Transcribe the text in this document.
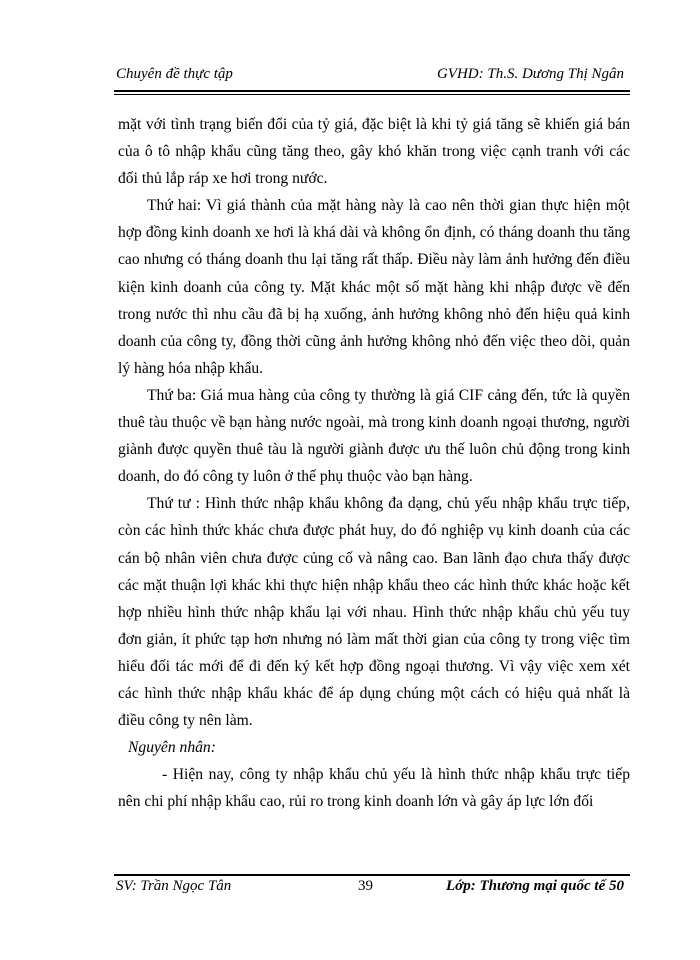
Chuyên đề thực tập	GVHD: Th.S. Dương Thị Ngân

mặt với tình trạng biến đổi của tỷ giá, đặc biệt là khi tỷ giá tăng sẽ khiến giá bán của ô tô nhập khẩu cũng tăng theo, gây khó khăn trong việc cạnh tranh với các đối thủ lắp ráp xe hơi trong nước.

Thứ hai: Vì giá thành của mặt hàng này là cao nên thời gian thực hiện một hợp đồng kinh doanh xe hơi là khá dài và không ổn định, có tháng doanh thu tăng cao nhưng có tháng doanh thu lại tăng rất thấp. Điều này làm ảnh hưởng đến điều kiện kinh doanh của công ty. Mặt khác một số mặt hàng khi nhập được về đến trong nước thì nhu cầu đã bị hạ xuống, ảnh hưởng không nhỏ đến hiệu quả kinh doanh của công ty, đồng thời cũng ảnh hưởng không nhỏ đến việc theo dõi, quản lý hàng hóa nhập khẩu.

Thứ ba: Giá mua hàng của công ty thường là giá CIF cảng đến, tức là quyền thuê tàu thuộc về bạn hàng nước ngoài, mà trong kinh doanh ngoại thương, người giành được quyền thuê tàu là người giành được ưu thế luôn chủ động trong kinh doanh, do đó công ty luôn ở thế phụ thuộc vào bạn hàng.

Thứ tư : Hình thức nhập khẩu không đa dạng, chủ yếu nhập khẩu trực tiếp, còn các hình thức khác chưa được phát huy, do đó nghiệp vụ kinh doanh của các cán bộ nhân viên chưa được củng cố và nâng cao. Ban lãnh đạo chưa thấy được các mặt thuận lợi khác khi thực hiện nhập khẩu theo các hình thức khác hoặc kết hợp nhiều hình thức nhập khẩu lại với nhau. Hình thức nhập khẩu chủ yếu tuy đơn giản, ít phức tạp hơn nhưng nó làm mất thời gian của công ty trong việc tìm hiểu đối tác mới để đi đến ký kết hợp đồng ngoại thương. Vì vậy việc xem xét các hình thức nhập khẩu khác để áp dụng chúng một cách có hiệu quả nhất là điều công ty nên làm.

Nguyên nhân:

- Hiện nay, công ty nhập khẩu chủ yếu là hình thức nhập khẩu trực tiếp nên chi phí nhập khẩu cao, rủi ro trong kinh doanh lớn và gây áp lực lớn đối

SV: Trần Ngọc Tân	39	Lớp: Thương mại quốc tế 50
